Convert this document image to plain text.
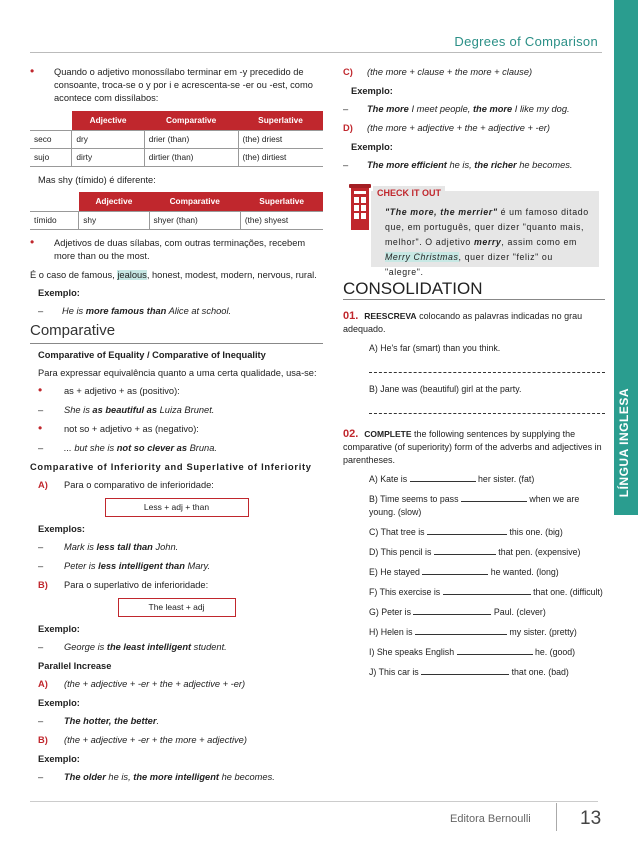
Degrees of Comparison
LÍNGUA INGLESA
•	Quando o adjetivo monossílabo terminar em -y precedido de consoante, troca-se o y por i e acrescenta-se -er ou -est, como acontece com dissílabos:
	Adjective	Comparative	Superlative
seco	dry	drier (than)	(the) driest
sujo	dirty	dirtier (than)	(the) dirtiest

Mas shy (tímido) é diferente:

	Adjective	Comparative	Superlative
tímido	shy	shyer (than)	(the) shyest
•	Adjetivos de duas sílabas, com outras terminações, recebem more than ou the most.

É o caso de famous, jealous, honest, modest, modern, nervous, rural.

Exemplo:

–	He is more famous than Alice at school.
Comparative

Comparative of Equality / Comparative of Inequality

Para expressar equivalência quanto a uma certa qualidade, usa-se:

•	as + adjetivo + as (positivo):
–	She is as beautiful as Luiza Brunet.
•	not so + adjetivo + as (negativo):
–	... but she is not so clever as Bruna.

Comparative of Inferiority and Superlative of Inferiority

A)	Para o comparativo de inferioridade:
Less + adj + than

Exemplos:

–	Mark is less tall than John.
–	Peter is less intelligent than Mary.
B)	Para o superlativo de inferioridade:
The least + adj

Exemplo:

–	George is the least intelligent student.

Parallel Increase

A)	(the + adjective + -er + the + adjective + -er)

Exemplo:

–	The hotter, the better.
B)	(the + adjective + -er + the more + adjective)

Exemplo:

–	The older he is, the more intelligent he becomes.
C)	(the more + clause + the more + clause)

Exemplo:

–	The more I meet people, the more I like my dog.
D)	(the more + adjective + the + adjective + -er)

Exemplo:

–	The more efficient he is, the richer he becomes.
CHECK IT OUT
"The more, the merrier" é um famoso ditado que, em português, quer dizer "quanto mais, melhor". O adjetivo merry, assim como em Merry Christmas, quer dizer "feliz" ou "alegre".
CONSOLIDATION

01. REESCREVA colocando as palavras indicadas no grau adequado.

A) He's far (smart) than you think.
B) Jane was (beautiful) girl at the party.

02. COMPLETE the following sentences by supplying the comparative (of superiority) form of the adverbs and adjectives in parentheses.

A) Kate is	her sister. (fat)
B) Time seems to pass	when we are young. (slow)
C) That tree is	this one. (big)
D) This pencil is	that pen. (expensive)
E) He stayed	he wanted. (long)
F) This exercise is	that one. (difficult)
G) Peter is	Paul. (clever)
H) Helen is	my sister. (pretty)
I) She speaks English	he. (good)
J) This car is	that one. (bad)
Editora Bernoulli	13
